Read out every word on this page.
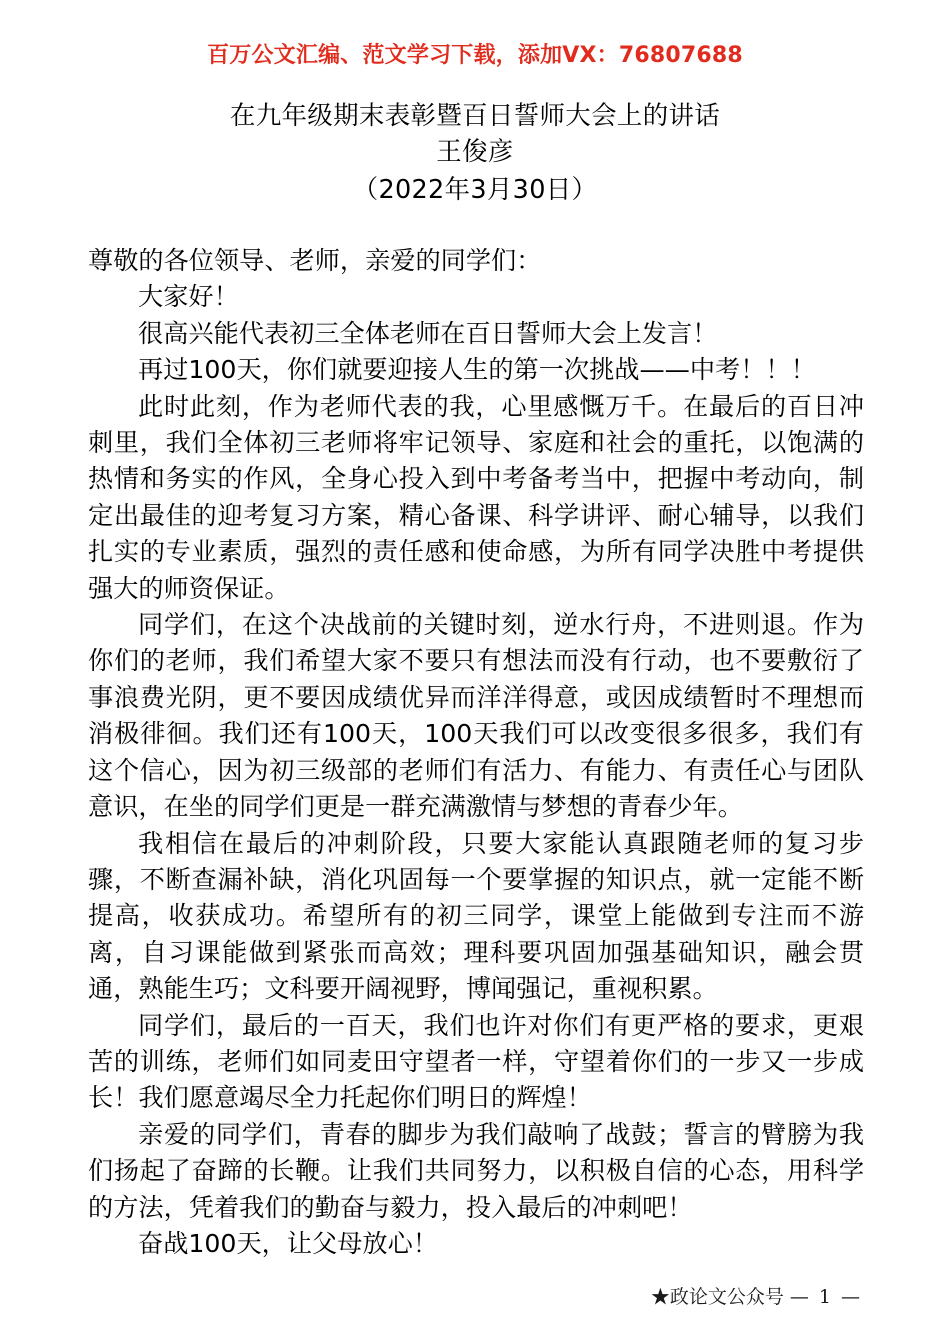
百万公文汇编、范文学习下载，添加VX：76807688
在九年级期末表彰暨百日誓师大会上的讲话
王俊彦
（2022年3月30日）

尊敬的各位领导、老师，亲爱的同学们：

大家好！

很高兴能代表初三全体老师在百日誓师大会上发言！

再过100天，你们就要迎接人生的第一次挑战——中考！！！

此时此刻，作为老师代表的我，心里感慨万千。在最后的百日冲刺里，我们全体初三老师将牢记领导、家庭和社会的重托，以饱满的热情和务实的作风，全身心投入到中考备考当中，把握中考动向，制定出最佳的迎考复习方案，精心备课、科学讲评、耐心辅导，以我们扎实的专业素质，强烈的责任感和使命感，为所有同学决胜中考提供强大的师资保证。

同学们，在这个决战前的关键时刻，逆水行舟，不进则退。作为你们的老师，我们希望大家不要只有想法而没有行动，也不要敷衍了事浪费光阴，更不要因成绩优异而洋洋得意，或因成绩暂时不理想而消极徘徊。我们还有100天，100天我们可以改变很多很多，我们有这个信心，因为初三级部的老师们有活力、有能力、有责任心与团队意识，在坐的同学们更是一群充满激情与梦想的青春少年。

我相信在最后的冲刺阶段，只要大家能认真跟随老师的复习步骤，不断查漏补缺，消化巩固每一个要掌握的知识点，就一定能不断提高，收获成功。希望所有的初三同学，课堂上能做到专注而不游离，自习课能做到紧张而高效；理科要巩固加强基础知识，融会贯通，熟能生巧；文科要开阔视野，博闻强记，重视积累。

同学们，最后的一百天，我们也许对你们有更严格的要求，更艰苦的训练，老师们如同麦田守望者一样，守望着你们的一步又一步成长！我们愿意竭尽全力托起你们明日的辉煌！

亲爱的同学们，青春的脚步为我们敲响了战鼓；誓言的臂膀为我们扬起了奋蹄的长鞭。让我们共同努力，以积极自信的心态，用科学的方法，凭着我们的勤奋与毅力，投入最后的冲刺吧！

奋战100天，让父母放心！

★政论文公众号 — 1 —
